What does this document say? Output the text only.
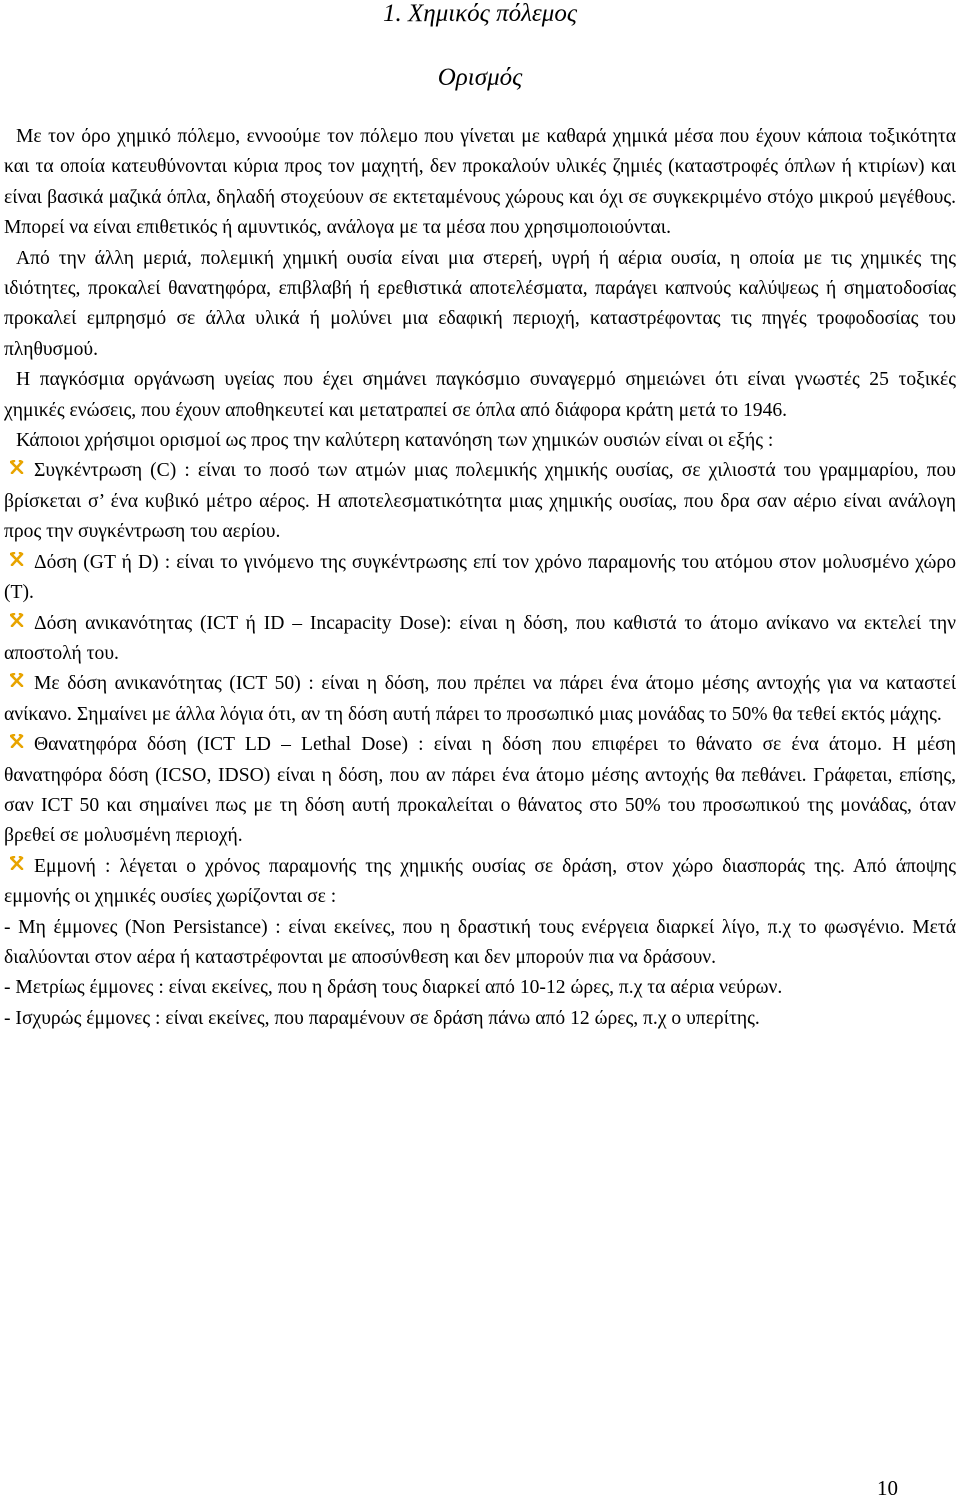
1. Χημικός πόλεμος
Ορισμός

Με τον όρο χημικό πόλεμο, εννοούμε τον πόλεμο που γίνεται με καθαρά χημικά μέσα που έχουν κάποια τοξικότητα και τα οποία κατευθύνονται κύρια προς τον μαχητή, δεν προκαλούν υλικές ζημιές (καταστροφές όπλων ή κτιρίων) και είναι βασικά μαζικά όπλα, δηλαδή στοχεύουν σε εκτεταμένους χώρους και όχι σε συγκεκριμένο στόχο μικρού μεγέθους. Μπορεί να είναι επιθετικός ή αμυντικός, ανάλογα με τα μέσα που χρησιμοποιούνται.

Από την άλλη μεριά, πολεμική χημική ουσία είναι μια στερεή, υγρή ή αέρια ουσία, η οποία με τις χημικές της ιδιότητες, προκαλεί θανατηφόρα, επιβλαβή ή ερεθιστικά αποτελέσματα, παράγει καπνούς καλύψεως ή σηματοδοσίας προκαλεί εμπρησμό σε άλλα υλικά ή μολύνει μια εδαφική περιοχή, καταστρέφοντας τις πηγές τροφοδοσίας του πληθυσμού.

Η παγκόσμια οργάνωση υγείας που έχει σημάνει παγκόσμιο συναγερμό σημειώνει ότι είναι γνωστές 25 τοξικές χημικές ενώσεις, που έχουν αποθηκευτεί και μετατραπεί σε όπλα από διάφορα κράτη μετά το 1946.

Κάποιοι χρήσιμοι ορισμοί ως προς την καλύτερη κατανόηση των χημικών ουσιών είναι οι εξής :

Συγκέντρωση (C) : είναι το ποσό των ατμών μιας πολεμικής χημικής ουσίας, σε χιλιοστά του γραμμαρίου, που βρίσκεται σ’ ένα κυβικό μέτρο αέρος. Η αποτελεσματικότητα μιας χημικής ουσίας, που δρα σαν αέριο είναι ανάλογη προς την συγκέντρωση του αερίου.

Δόση (GT ή D) : είναι το γινόμενο της συγκέντρωσης επί τον χρόνο παραμονής του ατόμου στον μολυσμένο χώρο (T).

Δόση ανικανότητας (ICT ή ID – Incapacity Dose): είναι η δόση, που καθιστά το άτομο ανίκανο να εκτελεί την αποστολή του.

Με δόση ανικανότητας (ICT 50) : είναι η δόση, που πρέπει να πάρει ένα άτομο μέσης αντοχής για να καταστεί ανίκανο. Σημαίνει με άλλα λόγια ότι, αν τη δόση αυτή πάρει το προσωπικό μιας μονάδας το 50% θα τεθεί εκτός μάχης.

Θανατηφόρα δόση (ICT LD – Lethal Dose) : είναι η δόση που επιφέρει το θάνατο σε ένα άτομο. Η μέση θανατηφόρα δόση (ICSO, IDSO) είναι η δόση, που αν πάρει ένα άτομο μέσης αντοχής θα πεθάνει. Γράφεται, επίσης, σαν ICT 50 και σημαίνει πως με τη δόση αυτή προκαλείται ο θάνατος στο 50% του προσωπικού της μονάδας, όταν βρεθεί σε μολυσμένη περιοχή.

Εμμονή : λέγεται ο χρόνος παραμονής της χημικής ουσίας σε δράση, στον χώρο διασποράς της. Από άποψης εμμονής οι χημικές ουσίες χωρίζονται σε :

- Μη έμμονες (Non Persistance) : είναι εκείνες, που η δραστική τους ενέργεια διαρκεί λίγο, π.χ το φωσγένιο. Μετά διαλύονται στον αέρα ή καταστρέφονται με αποσύνθεση και δεν μπορούν πια να δράσουν.

- Μετρίως έμμονες : είναι εκείνες, που η δράση τους διαρκεί από 10-12 ώρες, π.χ τα αέρια νεύρων.

- Ισχυρώς έμμονες : είναι εκείνες, που παραμένουν σε δράση πάνω από 12 ώρες, π.χ ο υπερίτης.

10
